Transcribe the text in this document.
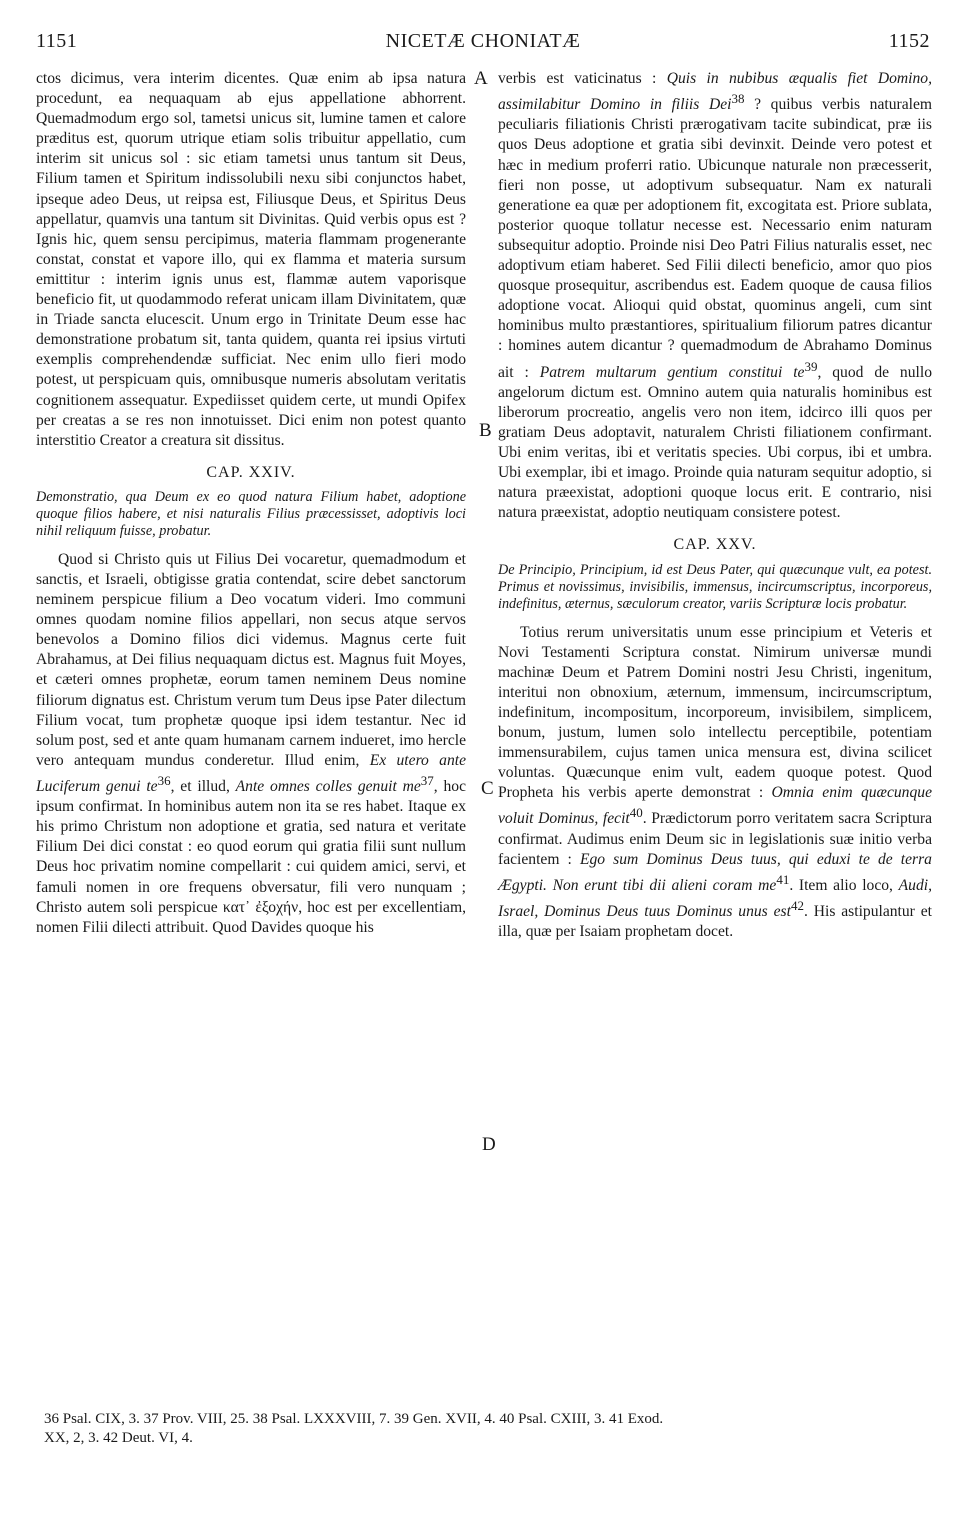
1151	NICETÆ CHONIATÆ	1152
A
B
C
D

ctos dicimus, vera interim dicentes. Quæ enim ab ipsa natura procedunt, ea nequaquam ab ejus appellatione abhorrent. Quemadmodum ergo sol, tametsi unicus sit, lumine tamen et calore præditus est, quorum utrique etiam solis tribuitur appellatio, cum interim sit unicus sol : sic etiam tametsi unus tantum sit Deus, Filium tamen et Spiritum indissolubili nexu sibi conjunctos habet, ipseque adeo Deus, ut reipsa est, Filiusque Deus, et Spiritus Deus appellatur, quamvis una tantum sit Divinitas. Quid verbis opus est ? Ignis hic, quem sensu percipimus, materia flammam progenerante constat, constat et vapore illo, qui ex flamma et materia sursum emittitur : interim ignis unus est, flammæ autem vaporisque beneficio fit, ut quodammodo referat unicam illam Divinitatem, quæ in Triade sancta elucescit. Unum ergo in Trinitate Deum esse hac demonstratione probatum sit, tanta quidem, quanta rei ipsius virtuti exemplis comprehendendæ sufficiat. Nec enim ullo fieri modo potest, ut perspicuam quis, omnibusque numeris absolutam veritatis cognitionem assequatur. Expediisset quidem certe, ut mundi Opifex per creatas a se res non innotuisset. Dici enim non potest quanto interstitio Creator a creatura sit dissitus.

CAP. XXIV.

Demonstratio, qua Deum ex eo quod natura Filium habet, adoptione quoque filios habere, et nisi naturalis Filius præcessisset, adoptivis loci nihil reliquum fuisse, probatur.

Quod si Christo quis ut Filius Dei vocaretur, quemadmodum et sanctis, et Israeli, obtigisse gratia contendat, scire debet sanctorum neminem perspicue filium a Deo vocatum videri. Imo communi omnes quodam nomine filios appellari, non secus atque servos benevolos a Domino filios dici videmus. Magnus certe fuit Abrahamus, at Dei filius nequaquam dictus est. Magnus fuit Moyes, et cæteri omnes prophetæ, eorum tamen neminem Deus nomine filiorum dignatus est. Christum verum tum Deus ipse Pater dilectum Filium vocat, tum prophetæ quoque ipsi idem testantur. Nec id solum post, sed et ante quam humanam carnem indueret, imo hercle vero antequam mundus conderetur. Illud enim, Ex utero ante Luciferum genui $te^{36}$, et illud, Ante omnes colles genuit $me^{37}$, hoc ipsum confirmat. In hominibus autem non ita se res habet. Itaque ex his primo Christum non adoptione et gratia, sed natura et veritate Filium Dei dici constat : eo quod eorum qui gratia filii sunt nullum Deus hoc privatim nomine compellarit : cui quidem amici, servi, et famuli nomen in ore frequens obversatur, fili vero nunquam ; Christo autem soli perspicue κατ᾽ ἐξοχήν, hoc est per excellentiam, nomen Filii dilecti attribuit. Quod Davides quoque his

verbis est vaticinatus : Quis in nubibus æqualis fiet Domino, assimilabitur Domino in filiis Dei$^{38}$ ? quibus verbis naturalem peculiaris filiationis Christi prærogativam tacite subindicat, præ iis quos Deus adoptione et gratia sibi devinxit. Deinde vero potest et hæc in medium proferri ratio. Ubicunque naturale non præcesserit, fieri non posse, ut adoptivum subsequatur. Nam ex naturali generatione ea quæ per adoptionem fit, excogitata est. Priore sublata, posterior quoque tollatur necesse est. Necessario enim naturam subsequitur adoptio. Proinde nisi Deo Patri Filius naturalis esset, nec adoptivum etiam haberet. Sed Filii dilecti beneficio, amor quo pios quosque prosequitur, ascribendus est. Eadem quoque de causa filios adoptione vocat. Alioqui quid obstat, quominus angeli, cum sint hominibus multo præstantiores, spiritualium filiorum patres dicantur : homines autem dicantur ? quemadmodum de Abrahamo Dominus ait : Patrem multarum gentium constitui $te^{39}$, quod de nullo angelorum dictum est. Omnino autem quia naturalis hominibus est liberorum procreatio, angelis vero non item, idcirco illi quos per gratiam Deus adoptavit, naturalem Christi filiationem confirmant. Ubi enim veritas, ibi et veritatis species. Ubi corpus, ibi et umbra. Ubi exemplar, ibi et imago. Proinde quia naturam sequitur adoptio, si natura præexistat, adoptioni quoque locus erit. E contrario, nisi natura præexistat, adoptio neutiquam consistere potest.

CAP. XXV.

De Principio, Principium, id est Deus Pater, qui quæcunque vult, ea potest. Primus et novissimus, invisibilis, immensus, incircumscriptus, incorporeus, indefinitus, æternus, sæculorum creator, variis Scripturæ locis probatur.

Totius rerum universitatis unum esse principium et Veteris et Novi Testamenti Scriptura constat. Nimirum universæ mundi machinæ Deum et Patrem Domini nostri Jesu Christi, ingenitum, interitui non obnoxium, æternum, immensum, incircumscriptum, indefinitum, incompositum, incorporeum, invisibilem, simplicem, bonum, justum, lumen solo intellectu perceptibile, potentiam immensurabilem, cujus tamen unica mensura est, divina scilicet voluntas. Quæcunque enim vult, eadem quoque potest. Quod Propheta his verbis aperte demonstrat : Omnia enim quæcunque voluit Dominus, fecit$^{40}$. Prædictorum porro veritatem sacra Scriptura confirmat. Audimus enim Deum sic in legislationis suæ initio verba facientem : Ego sum Dominus Deus tuus, qui eduxi te de terra Ægypti. Non erunt tibi dii alieni coram $me^{41}$. Item alio loco, Audi, Israel, Dominus Deus tuus Dominus unus est$^{42}$. His astipulantur et illa, quæ per Isaiam prophetam docet.

36 Psal. CIX, 3. 37 Prov. VIII, 25. 38 Psal. LXXXVIII, 7. 39 Gen. XVII, 4. 40 Psal. CXIII, 3. 41 Exod.
XX, 2, 3. 42 Deut. VI, 4.
